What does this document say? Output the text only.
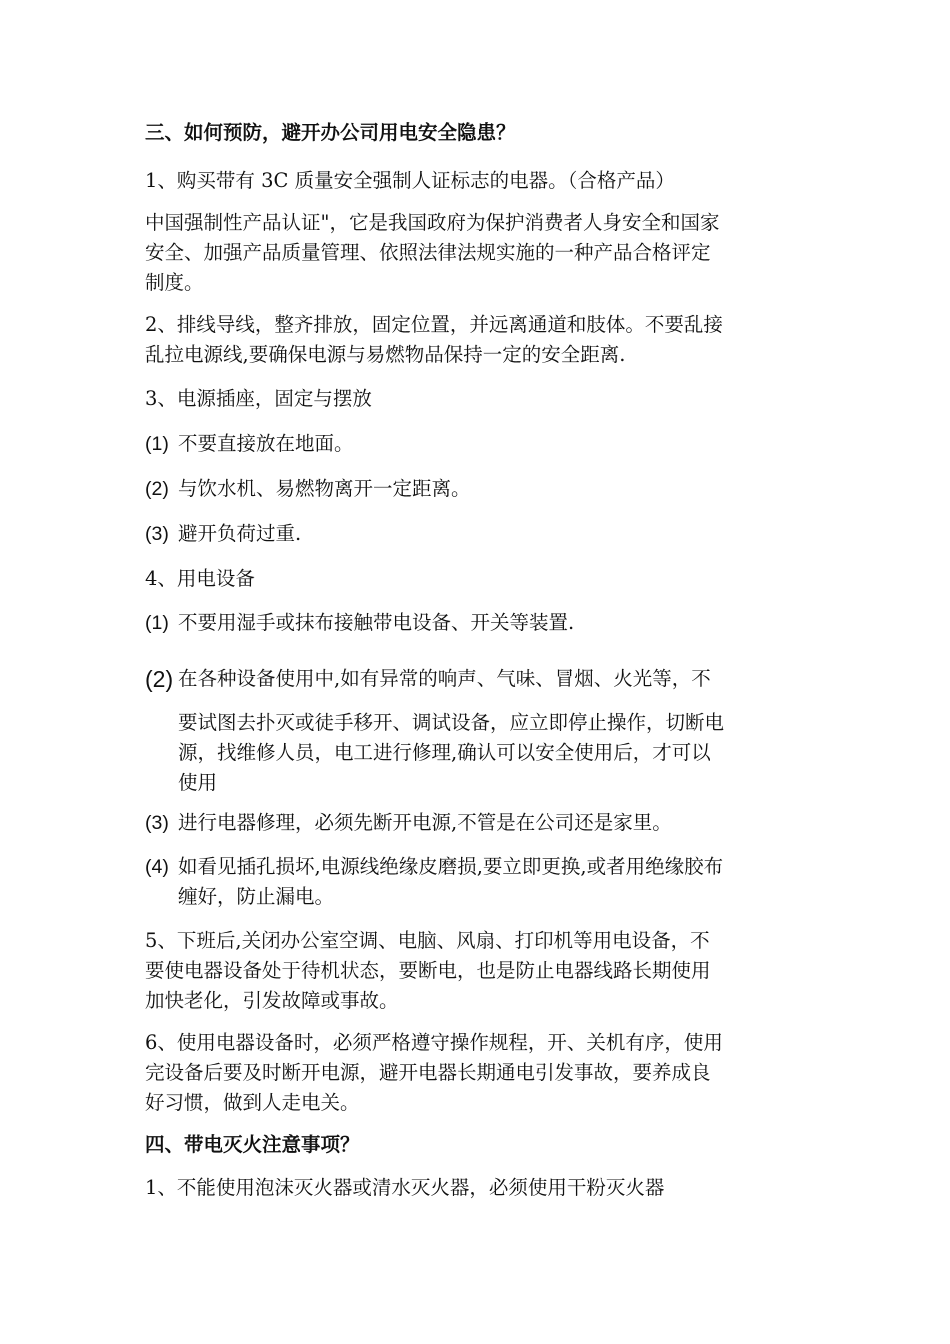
三、如何预防，避开办公司用电安全隐患？
1、购买带有 3C 质量安全强制人证标志的电器。（合格产品）
中国强制性产品认证"，它是我国政府为保护消费者人身安全和国家
安全、加强产品质量管理、依照法律法规实施的一种产品合格评定
制度。
2、排线导线，整齐排放，固定位置，并远离通道和肢体。不要乱接
乱拉电源线,要确保电源与易燃物品保持一定的安全距离.
3、电源插座，固定与摆放
(1) 不要直接放在地面。
(2) 与饮水机、易燃物离开一定距离。
(3) 避开负荷过重.
4、用电设备
(1) 不要用湿手或抹布接触带电设备、开关等装置.
(2) 在各种设备使用中,如有异常的响声、气味、冒烟、火光等，不
要试图去扑灭或徒手移开、调试设备，应立即停止操作，切断电
源，找维修人员，电工进行修理,确认可以安全使用后，才可以
使用
(3) 进行电器修理，必须先断开电源,不管是在公司还是家里。
(4) 如看见插孔损坏,电源线绝缘皮磨损,要立即更换,或者用绝缘胶布
缠好，防止漏电。
5、下班后,关闭办公室空调、电脑、风扇、打印机等用电设备，不
要使电器设备处于待机状态，要断电，也是防止电器线路长期使用
加快老化，引发故障或事故。
6、使用电器设备时，必须严格遵守操作规程，开、关机有序，使用
完设备后要及时断开电源，避开电器长期通电引发事故，要养成良
好习惯，做到人走电关。
四、带电灭火注意事项？
1、不能使用泡沫灭火器或清水灭火器，必须使用干粉灭火器
